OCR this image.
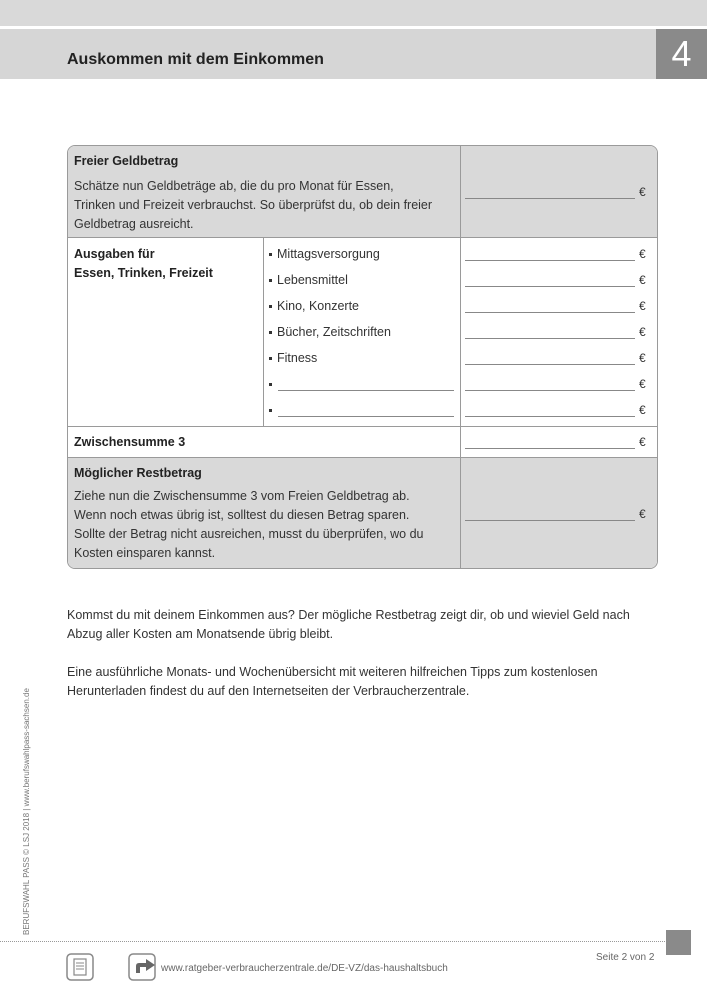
Auskommen mit dem Einkommen	4
Freier Geldbetrag
Schätze nun Geldbeträge ab, die du pro Monat für Essen,
Trinken und Freizeit verbrauchst. So überprüfst du, ob dein freier
Geldbetrag ausreicht.
€
Ausgaben für
Essen, Trinken, Freizeit
Mittagsversorgung
Lebensmittel
Kino, Konzerte
Bücher, Zeitschriften
Fitness
€
€
€
€
€
€
€
Zwischensumme 3	€
Möglicher Restbetrag
Ziehe nun die Zwischensumme 3 vom Freien Geldbetrag ab.
Wenn noch etwas übrig ist, solltest du diesen Betrag sparen.
Sollte der Betrag nicht ausreichen, musst du überprüfen, wo du
Kosten einsparen kannst.
€
Kommst du mit deinem Einkommen aus? Der mögliche Restbetrag zeigt dir, ob und wieviel Geld nach
Abzug aller Kosten am Monatsende übrig bleibt.
Eine ausführliche Monats- und Wochenübersicht mit weiteren hilfreichen Tipps zum kostenlosen
Herunterladen findest du auf den Internetseiten der Verbraucherzentrale.
BERUFSWAHL PASS © LSJ 2018 | www.berufswahlpass-sachsen.de
www.ratgeber-verbraucherzentrale.de/DE-VZ/das-haushaltsbuch
Seite 2 von 2
